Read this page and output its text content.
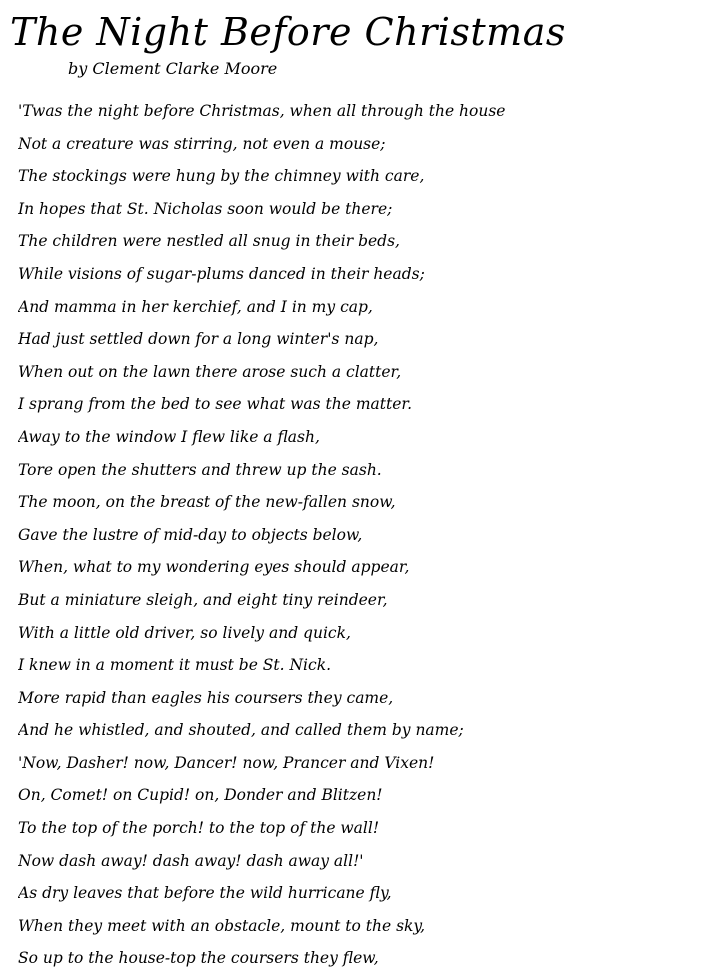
The Night Before Christmas
by Clement Clarke Moore
'Twas the night before Christmas, when all through the house
Not a creature was stirring, not even a mouse;
The stockings were hung by the chimney with care,
In hopes that St. Nicholas soon would be there;
The children were nestled all snug in their beds,
While visions of sugar-plums danced in their heads;
And mamma in her kerchief, and I in my cap,
Had just settled down for a long winter's nap,
When out on the lawn there arose such a clatter,
I sprang from the bed to see what was the matter.
Away to the window I flew like a flash,
Tore open the shutters and threw up the sash.
The moon, on the breast of the new-fallen snow,
Gave the lustre of mid-day to objects below,
When, what to my wondering eyes should appear,
But a miniature sleigh, and eight tiny reindeer,
With a little old driver, so lively and quick,
I knew in a moment it must be St. Nick.
More rapid than eagles his coursers they came,
And he whistled, and shouted, and called them by name;
'Now, Dasher! now, Dancer! now, Prancer and Vixen!
On, Comet! on Cupid! on, Donder and Blitzen!
To the top of the porch! to the top of the wall!
Now dash away! dash away! dash away all!'
As dry leaves that before the wild hurricane fly,
When they meet with an obstacle, mount to the sky,
So up to the house-top the coursers they flew,
